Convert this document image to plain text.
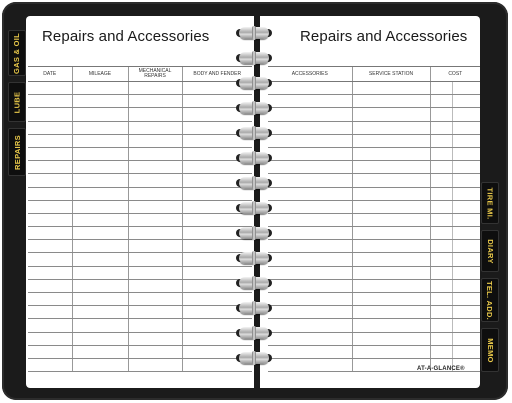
Repairs and Accessories
DATE	MILEAGE	MECHANICAL REPAIRS	BODY AND FENDER

Repairs and Accessories
ACCESSORIES	SERVICE STATION	COST	

AT-A-GLANCE®
GAS & OIL
LUBE
REPAIRS
TIRE MI.
DIARY
TEL. ADD.
MEMO
